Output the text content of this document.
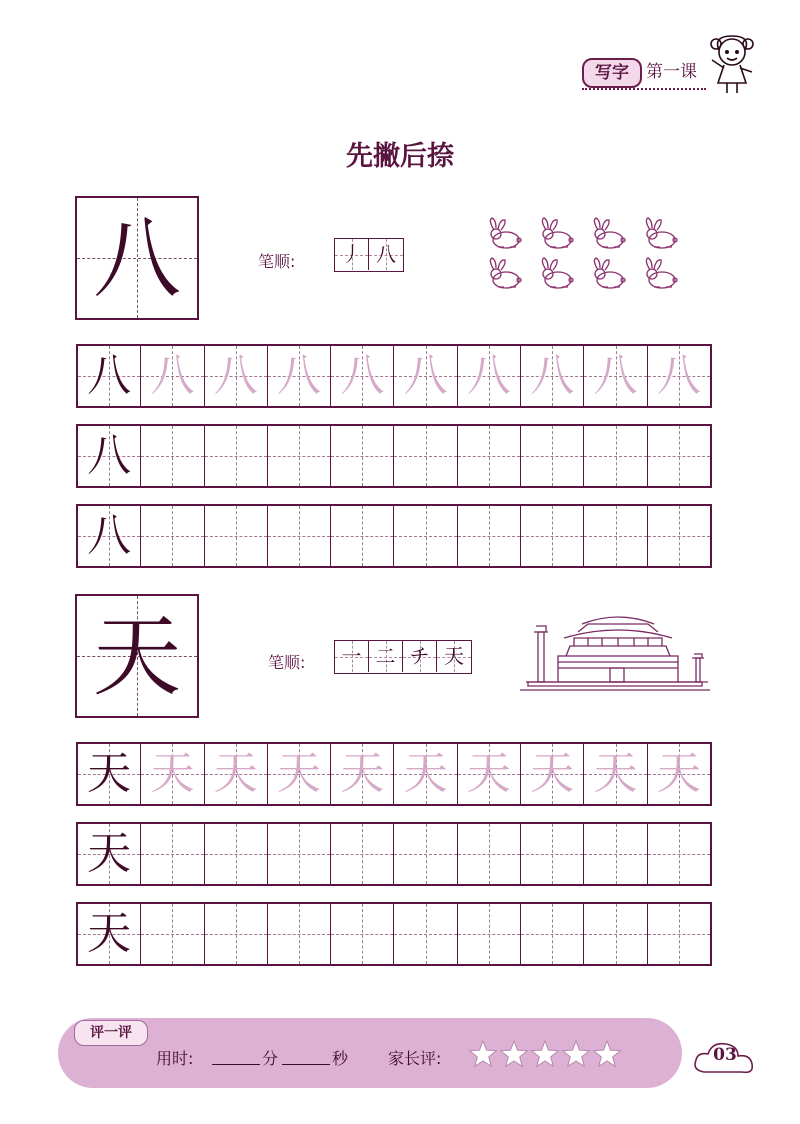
写字	第一课
先撇后捺
八	笔顺:	丿 八
八 八 八 八 八 八 八 八 八 八
八
八
天	笔顺:	一 二 チ 天
天 天 天 天 天 天 天 天 天 天
天
天
评一评
用时:	分	秒 家长评:	03
